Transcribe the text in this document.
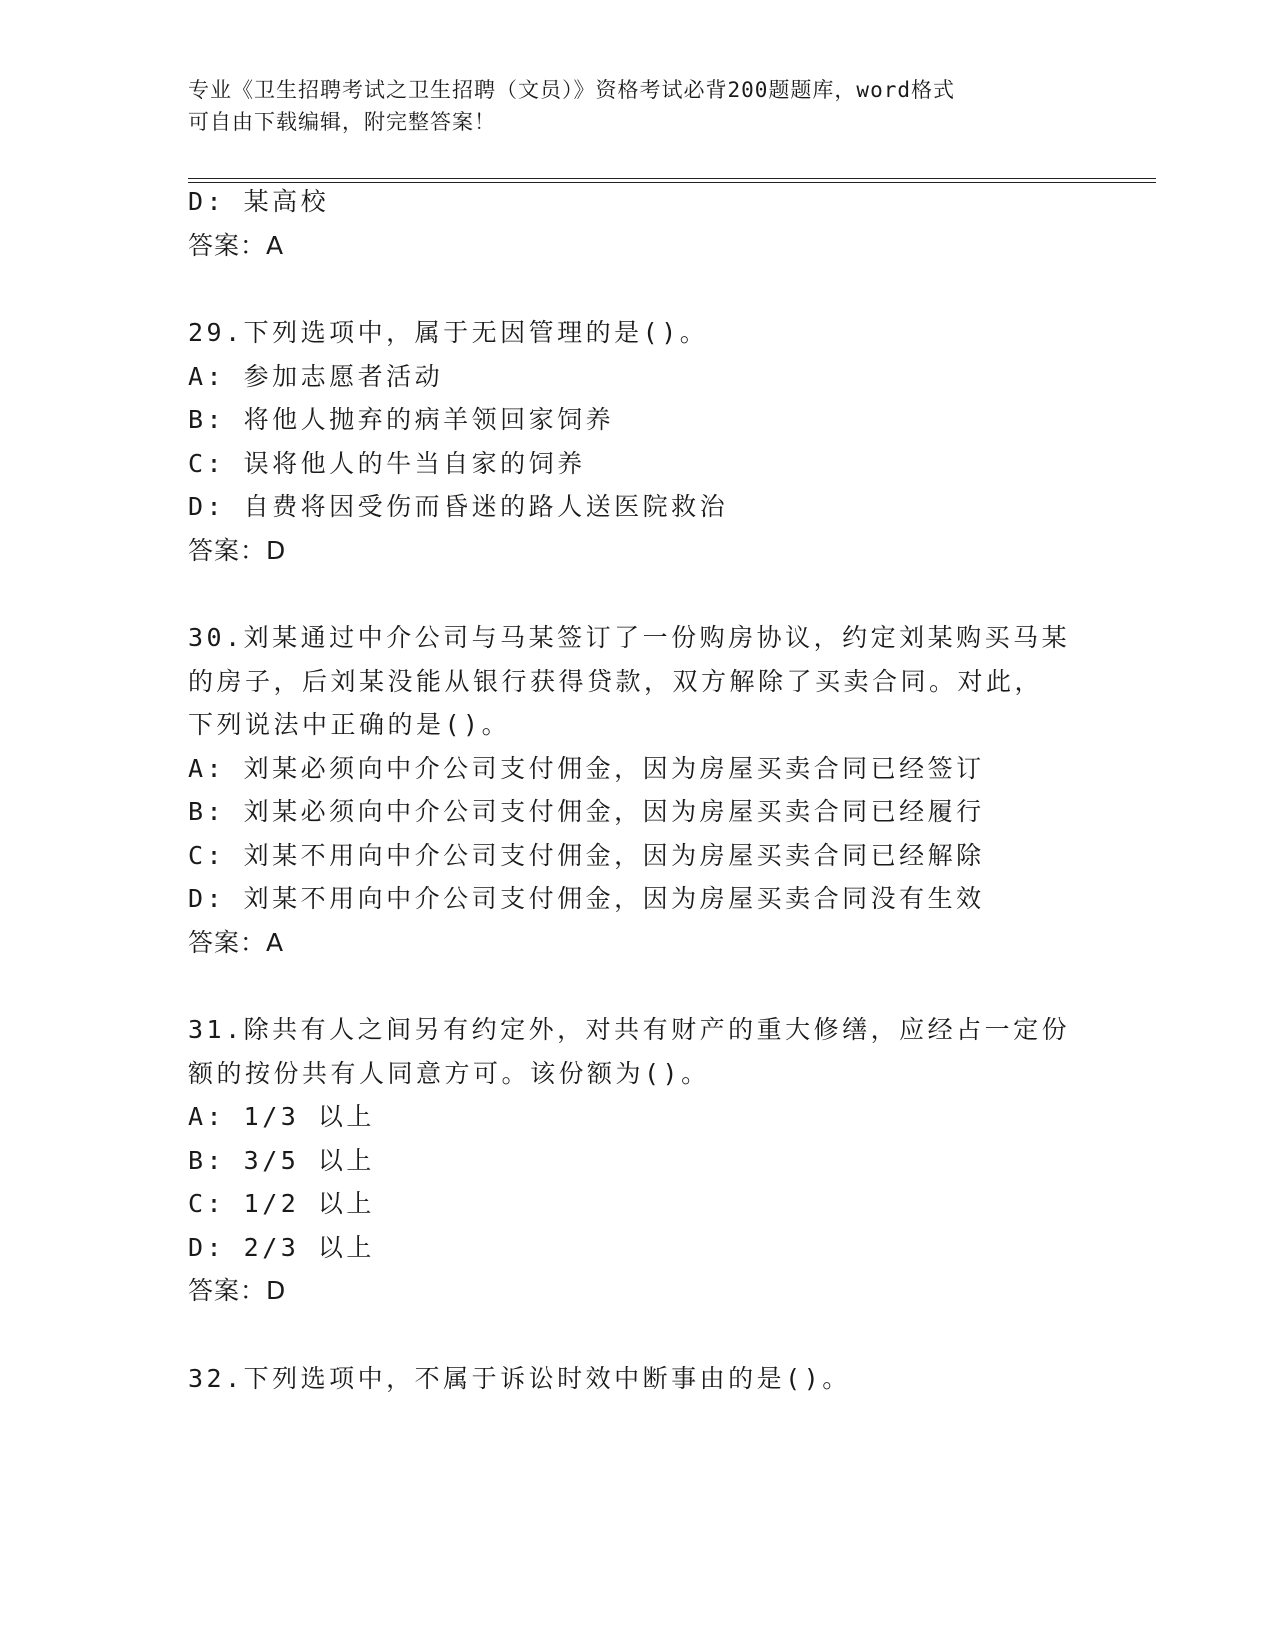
专业《卫生招聘考试之卫生招聘（文员）》资格考试必背200题题库，word格式
可自由下载编辑，附完整答案！
D: 某高校
答案：A
29.下列选项中，属于无因管理的是()。
A: 参加志愿者活动
B: 将他人抛弃的病羊领回家饲养
C: 误将他人的牛当自家的饲养
D: 自费将因受伤而昏迷的路人送医院救治
答案：D
30.刘某通过中介公司与马某签订了一份购房协议，约定刘某购买马某
的房子，后刘某没能从银行获得贷款，双方解除了买卖合同。对此，
下列说法中正确的是()。
A: 刘某必须向中介公司支付佣金，因为房屋买卖合同已经签订
B: 刘某必须向中介公司支付佣金，因为房屋买卖合同已经履行
C: 刘某不用向中介公司支付佣金，因为房屋买卖合同已经解除
D: 刘某不用向中介公司支付佣金，因为房屋买卖合同没有生效
答案：A
31.除共有人之间另有约定外，对共有财产的重大修缮，应经占一定份
额的按份共有人同意方可。该份额为()。
A: 1/3 以上
B: 3/5 以上
C: 1/2 以上
D: 2/3 以上
答案：D
32.下列选项中，不属于诉讼时效中断事由的是()。
